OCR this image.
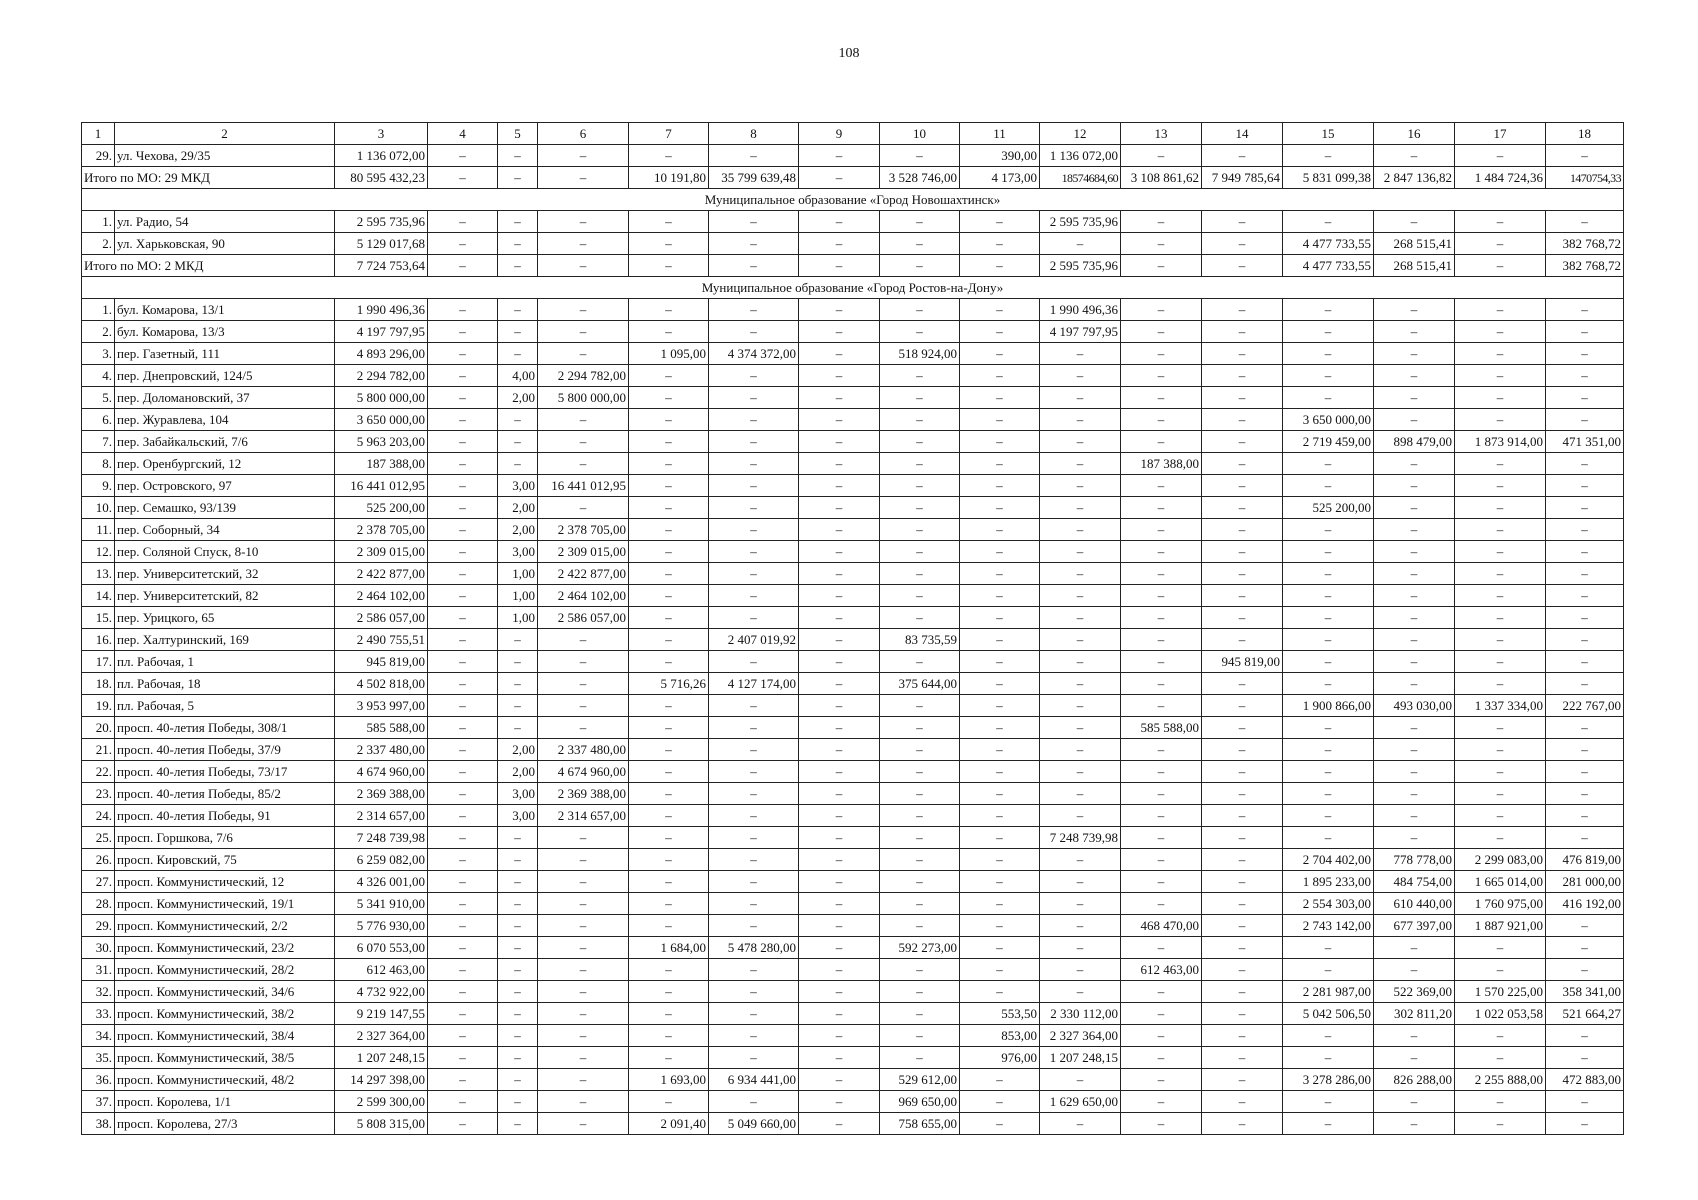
108
1	2	3	4	5	6	7	8	9	10	11	12	13	14	15	16	17	18
29.	ул. Чехова, 29/35	1 136 072,00	–	–	–	–	–	–	–	390,00	1 136 072,00	–	–	–	–	–	–
Итого по МО: 29 МКД		80 595 432,23	–	–	–	10 191,80	35 799 639,48	–	3 528 746,00	4 173,00	18574684,60	3 108 861,62	7 949 785,64	5 831 099,38	2 847 136,82	1 484 724,36	1470754,33
Муниципальное образование «Город Новошахтинск»																	
1.	ул. Радио, 54	2 595 735,96	–	–	–	–	–	–	–	–	2 595 735,96	–	–	–	–	–	–
2.	ул. Харьковская, 90	5 129 017,68	–	–	–	–	–	–	–	–	–	–	–	4 477 733,55	268 515,41	–	382 768,72
Итого по МО: 2 МКД		7 724 753,64	–	–	–	–	–	–	–	–	2 595 735,96	–	–	4 477 733,55	268 515,41	–	382 768,72
Муниципальное образование «Город Ростов-на-Дону»																	
1.	бул. Комарова, 13/1	1 990 496,36	–	–	–	–	–	–	–	–	1 990 496,36	–	–	–	–	–	–
2.	бул. Комарова, 13/3	4 197 797,95	–	–	–	–	–	–	–	–	4 197 797,95	–	–	–	–	–	–
3.	пер. Газетный, 111	4 893 296,00	–	–	–	1 095,00	4 374 372,00	–	518 924,00	–	–	–	–	–	–	–	–
4.	пер. Днепровский, 124/5	2 294 782,00	–	4,00	2 294 782,00	–	–	–	–	–	–	–	–	–	–	–	–
5.	пер. Доломановский, 37	5 800 000,00	–	2,00	5 800 000,00	–	–	–	–	–	–	–	–	–	–	–	–
6.	пер. Журавлева, 104	3 650 000,00	–	–	–	–	–	–	–	–	–	–	–	3 650 000,00	–	–	–
7.	пер. Забайкальский, 7/6	5 963 203,00	–	–	–	–	–	–	–	–	–	–	–	2 719 459,00	898 479,00	1 873 914,00	471 351,00
8.	пер. Оренбургский, 12	187 388,00	–	–	–	–	–	–	–	–	–	187 388,00	–	–	–	–	–
9.	пер. Островского, 97	16 441 012,95	–	3,00	16 441 012,95	–	–	–	–	–	–	–	–	–	–	–	–
10.	пер. Семашко, 93/139	525 200,00	–	2,00	–	–	–	–	–	–	–	–	–	525 200,00	–	–	–
11.	пер. Соборный, 34	2 378 705,00	–	2,00	2 378 705,00	–	–	–	–	–	–	–	–	–	–	–	–
12.	пер. Соляной Спуск, 8-10	2 309 015,00	–	3,00	2 309 015,00	–	–	–	–	–	–	–	–	–	–	–	–
13.	пер. Университетский, 32	2 422 877,00	–	1,00	2 422 877,00	–	–	–	–	–	–	–	–	–	–	–	–
14.	пер. Университетский, 82	2 464 102,00	–	1,00	2 464 102,00	–	–	–	–	–	–	–	–	–	–	–	–
15.	пер. Урицкого, 65	2 586 057,00	–	1,00	2 586 057,00	–	–	–	–	–	–	–	–	–	–	–	–
16.	пер. Халтуринский, 169	2 490 755,51	–	–	–	–	2 407 019,92	–	83 735,59	–	–	–	–	–	–	–	–
17.	пл. Рабочая, 1	945 819,00	–	–	–	–	–	–	–	–	–	–	945 819,00	–	–	–	–
18.	пл. Рабочая, 18	4 502 818,00	–	–	–	5 716,26	4 127 174,00	–	375 644,00	–	–	–	–	–	–	–	–
19.	пл. Рабочая, 5	3 953 997,00	–	–	–	–	–	–	–	–	–	–	–	1 900 866,00	493 030,00	1 337 334,00	222 767,00
20.	просп. 40-летия Победы, 308/1	585 588,00	–	–	–	–	–	–	–	–	–	585 588,00	–	–	–	–	–
21.	просп. 40-летия Победы, 37/9	2 337 480,00	–	2,00	2 337 480,00	–	–	–	–	–	–	–	–	–	–	–	–
22.	просп. 40-летия Победы, 73/17	4 674 960,00	–	2,00	4 674 960,00	–	–	–	–	–	–	–	–	–	–	–	–
23.	просп. 40-летия Победы, 85/2	2 369 388,00	–	3,00	2 369 388,00	–	–	–	–	–	–	–	–	–	–	–	–
24.	просп. 40-летия Победы, 91	2 314 657,00	–	3,00	2 314 657,00	–	–	–	–	–	–	–	–	–	–	–	–
25.	просп. Горшкова, 7/6	7 248 739,98	–	–	–	–	–	–	–	–	7 248 739,98	–	–	–	–	–	–
26.	просп. Кировский, 75	6 259 082,00	–	–	–	–	–	–	–	–	–	–	–	2 704 402,00	778 778,00	2 299 083,00	476 819,00
27.	просп. Коммунистический, 12	4 326 001,00	–	–	–	–	–	–	–	–	–	–	–	1 895 233,00	484 754,00	1 665 014,00	281 000,00
28.	просп. Коммунистический, 19/1	5 341 910,00	–	–	–	–	–	–	–	–	–	–	–	2 554 303,00	610 440,00	1 760 975,00	416 192,00
29.	просп. Коммунистический, 2/2	5 776 930,00	–	–	–	–	–	–	–	–	–	468 470,00	–	2 743 142,00	677 397,00	1 887 921,00	–
30.	просп. Коммунистический, 23/2	6 070 553,00	–	–	–	1 684,00	5 478 280,00	–	592 273,00	–	–	–	–	–	–	–	–
31.	просп. Коммунистический, 28/2	612 463,00	–	–	–	–	–	–	–	–	–	612 463,00	–	–	–	–	–
32.	просп. Коммунистический, 34/6	4 732 922,00	–	–	–	–	–	–	–	–	–	–	–	2 281 987,00	522 369,00	1 570 225,00	358 341,00
33.	просп. Коммунистический, 38/2	9 219 147,55	–	–	–	–	–	–	–	553,50	2 330 112,00	–	–	5 042 506,50	302 811,20	1 022 053,58	521 664,27
34.	просп. Коммунистический, 38/4	2 327 364,00	–	–	–	–	–	–	–	853,00	2 327 364,00	–	–	–	–	–	–
35.	просп. Коммунистический, 38/5	1 207 248,15	–	–	–	–	–	–	–	976,00	1 207 248,15	–	–	–	–	–	–
36.	просп. Коммунистический, 48/2	14 297 398,00	–	–	–	1 693,00	6 934 441,00	–	529 612,00	–	–	–	–	3 278 286,00	826 288,00	2 255 888,00	472 883,00
37.	просп. Королева, 1/1	2 599 300,00	–	–	–	–	–	–	969 650,00	–	1 629 650,00	–	–	–	–	–	–
38.	просп. Королева, 27/3	5 808 315,00	–	–	–	2 091,40	5 049 660,00	–	758 655,00	–	–	–	–	–	–	–	–
